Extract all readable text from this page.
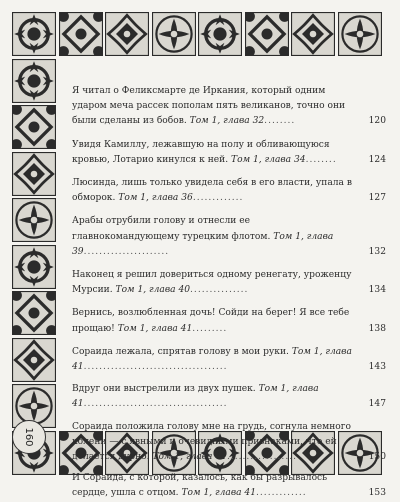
Я читал о Феликсмарте де Иркания, который одним ударом меча рассек пополам пять великанов, точно они были сделаны из бобов. Том 1, глава 32........	120
Увидя Камиллу, лежавшую на полу и обливающуюся кровью, Лотарио кинулся к ней. Том 1, глава 34........	124
Люсинда, лишь только увидела себя в его власти, упала в обморок. Том 1, глава 36.............	127
Арабы отрубили голову и отнесли ее главнокомандующему турецким флотом. Том 1, глава 39......................	132
Наконец я решил довериться одному ренегату, уроженцу Мурсии. Том 1, глава 40...............	134
Вернись, возлюбленная дочь! Сойди на берег! Я все тебе прощаю! Том 1, глава 41.........	138
Сораида лежала, спрятав голову в мои руки. Том 1, глава 41.....................................	143
Вдруг они выстрелили из двух пушек. Том 1, глава 41.....................................	147
Сораида положила голову мне на грудь, согнула немного колени — с явными и очевидными признаками, что ей делается дурно. Том 1, глава 41..................	150
И Сораида, с которой, казалось, как бы разрывалось сердце, ушла с отцом. Том 1, глава 41.............	153
160
